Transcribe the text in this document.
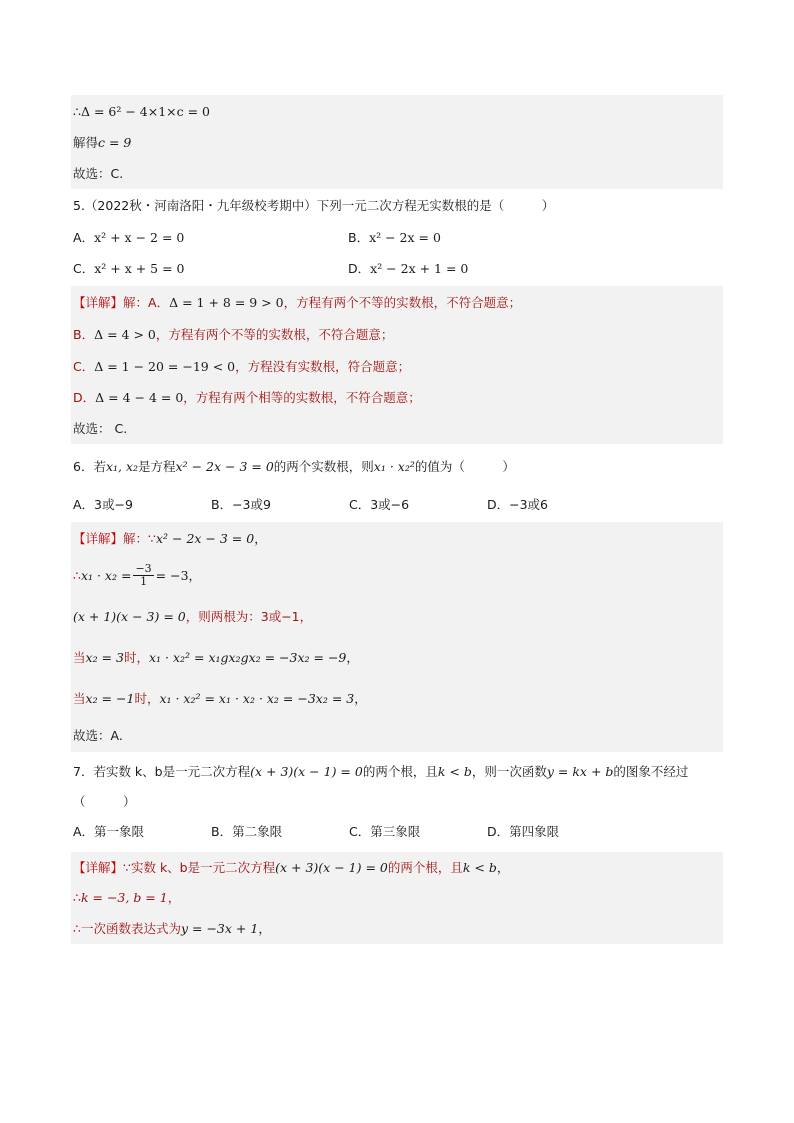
∴Δ = 6² − 4×1×c = 0
解得 c = 9
故选：C.
5.（2022秋・河南洛阳・九年级校考期中）下列一元二次方程无实数根的是（　　　）
A．x² + x − 2 = 0	B．x² − 2x = 0
C．x² + x + 5 = 0	D．x² − 2x + 1 = 0
【详解】 解：A． Δ = 1 + 8 = 9 > 0 ，方程有两个不等的实数根，不符合题意；
B． Δ = 4 > 0 ，方程有两个不等的实数根，不符合题意；
C． Δ = 1 − 20 = −19 < 0 ，方程没有实数根，符合题意；
D． Δ = 4 − 4 = 0 ，方程有两个相等的实数根，不符合题意；
故选： C.
6．若 x₁, x₂ 是方程 x² − 2x − 3 = 0 的两个实数根，则 x₁ · x₂² 的值为（　　　）
A．3或−9	B．−3或9	C．3或−6	D．−3或6
【详解】 解：∵ x² − 2x − 3 = 0 ，
∴ $x_1 \cdot x_2 = \frac{-3}{1} = -3$ ，
(x + 1)(x − 3) = 0 ，则两根为：3或−1，
当 x₂ = 3 时， x₁ · x₂² = x₁gx₂gx₂ = −3x₂ = −9 ，
当 x₂ = −1 时， x₁ · x₂² = x₁ · x₂ · x₂ = −3x₂ = 3 ，
故选：A.
7．若实数 k、b是一元二次方程 (x + 3)(x − 1) = 0 的两个根，且 k < b ，则一次函数 y = kx + b 的图象不经过
（　　　）
A．第一象限	B．第二象限	C．第三象限	D．第四象限
【详解】 ∵实数 k、b是一元二次方程 (x + 3)(x − 1) = 0 的两个根，且 k < b ，
∴ k = −3, b = 1 ，
∴一次函数表达式为 y = −3x + 1 ，
